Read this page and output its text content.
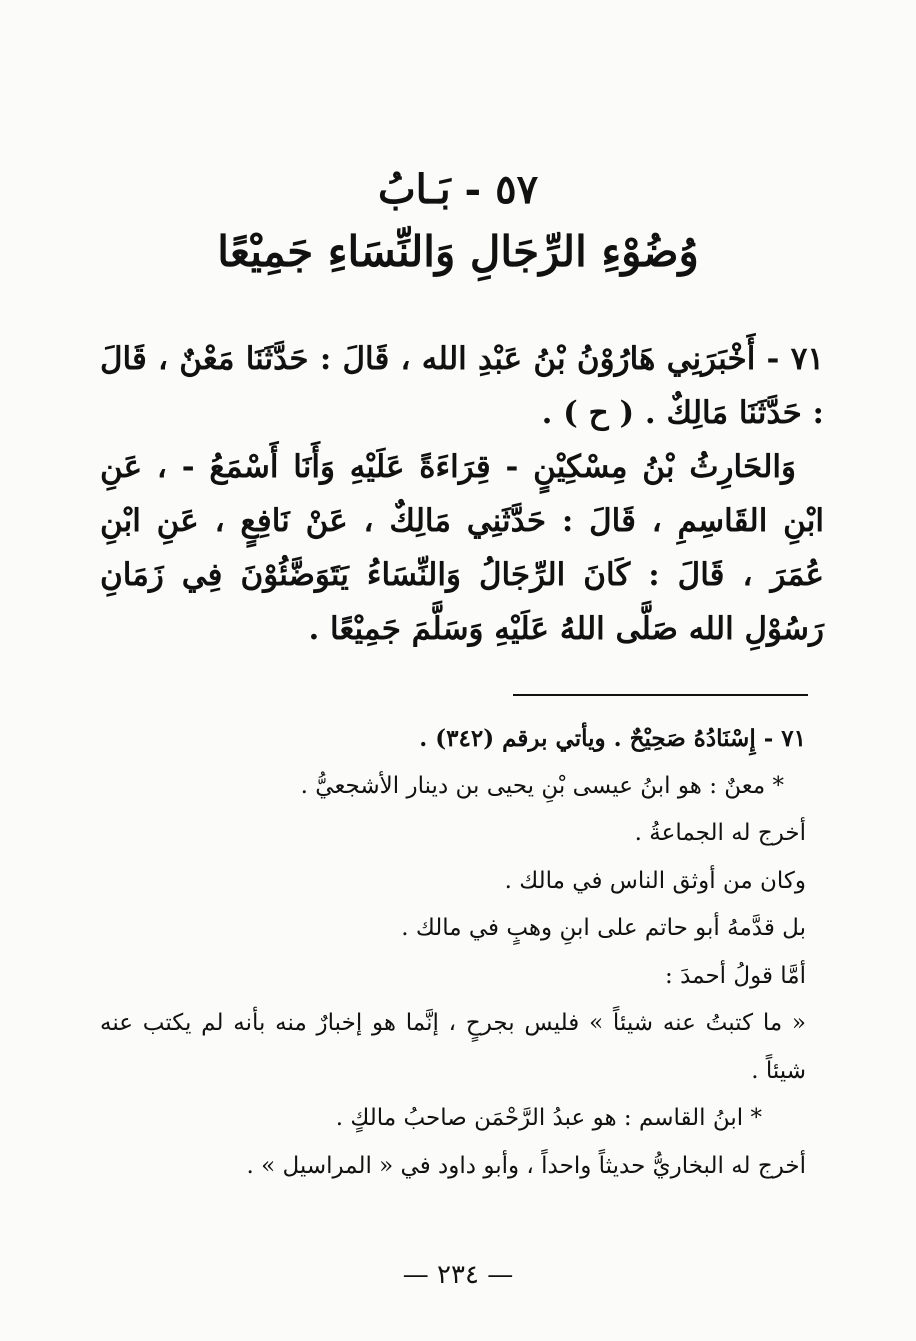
٥٧ - بَـابُ
وُضُوْءِ الرِّجَالِ وَالنِّسَاءِ جَمِيْعًا

٧١ - أَخْبَرَنِي هَارُوْنُ بْنُ عَبْدِ الله ، قَالَ : حَدَّثَنَا مَعْنٌ ، قَالَ : حَدَّثَنَا مَالِكٌ . ( ح ) .

وَالحَارِثُ بْنُ مِسْكِيْنٍ - قِرَاءَةً عَلَيْهِ وَأَنَا أَسْمَعُ - ، عَنِ ابْنِ القَاسِمِ ، قَالَ : حَدَّثَنِي مَالِكٌ ، عَنْ نَافِعٍ ، عَنِ ابْنِ عُمَرَ ، قَالَ : كَانَ الرِّجَالُ وَالنِّسَاءُ يَتَوَضَّئُوْنَ فِي زَمَانِ رَسُوْلِ الله صَلَّى اللهُ عَلَيْهِ وَسَلَّمَ جَمِيْعًا .

٧١ - إِسْنَادُهُ صَحِيْحٌ . ويأتي برقم (٣٤٢) .

* معنٌ : هو ابنُ عيسى بْنِ يحيى بن دينار الأشجعيُّ .

أخرج له الجماعةُ .

وكان من أوثق الناس في مالك .

بل قدَّمهُ أبو حاتم على ابنِ وهبٍ في مالك .

أمَّا قولُ أحمدَ :

« ما كتبتُ عنه شيئاً » فليس بجرحٍ ، إنَّما هو إخبارٌ منه بأنه لم يكتب عنه شيئاً .

* ابنُ القاسم : هو عبدُ الرَّحْمَن صاحبُ مالكٍ .

أخرج له البخاريُّ حديثاً واحداً ، وأبو داود في « المراسيل » .

— ٢٣٤ —
